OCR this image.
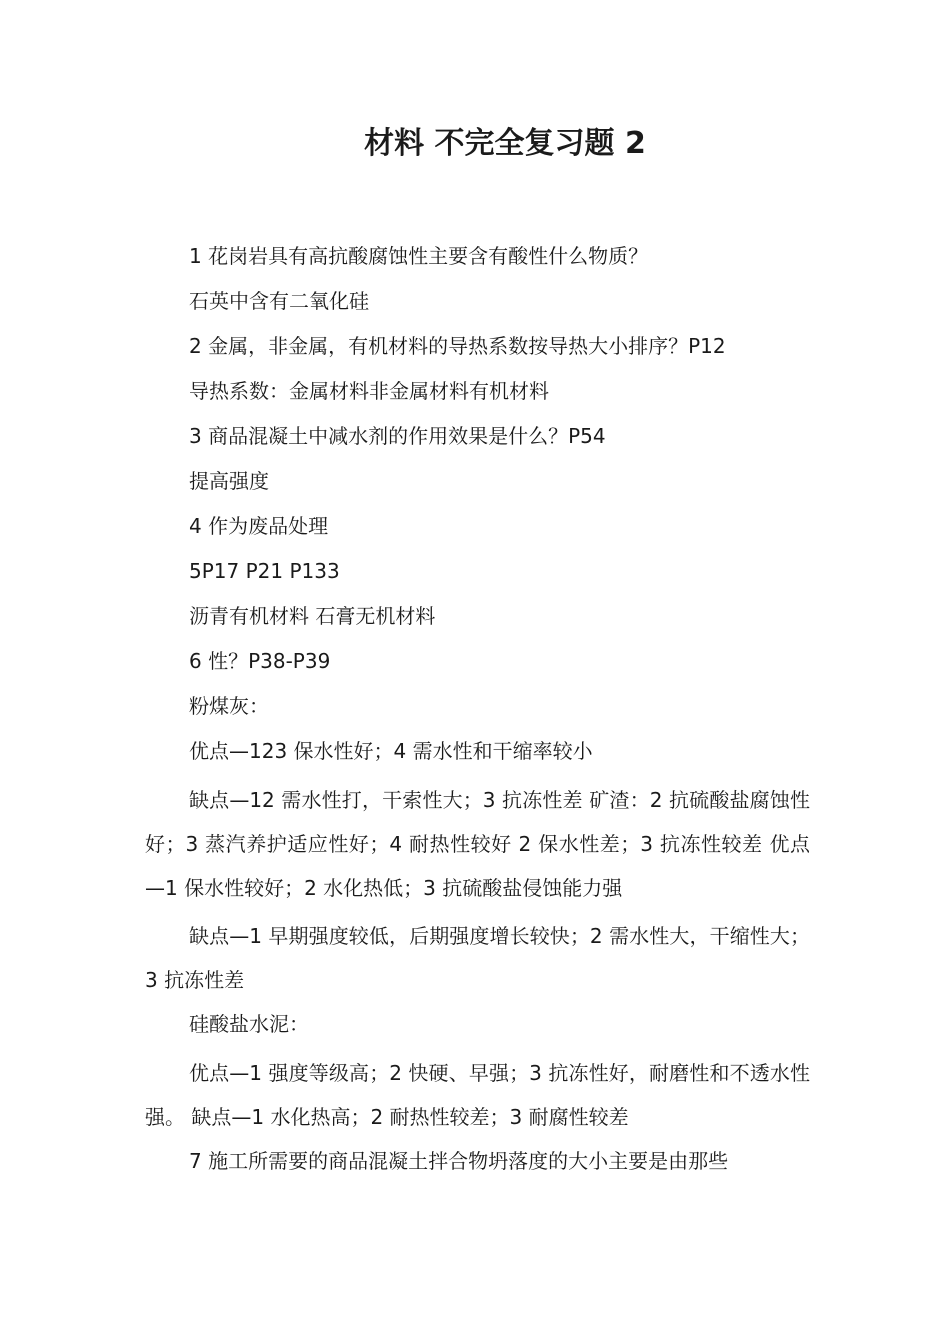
材料 不完全复习题 2

1 花岗岩具有高抗酸腐蚀性主要含有酸性什么物质？

石英中含有二氧化硅

2 金属，非金属，有机材料的导热系数按导热大小排序？P12

导热系数：金属材料非金属材料有机材料

3 商品混凝土中减水剂的作用效果是什么？P54

提高强度

4 作为废品处理

5P17 P21 P133

沥青有机材料 石膏无机材料

6 性？P38-P39

粉煤灰：

优点—123 保水性好；4 需水性和干缩率较小

缺点—12 需水性打，干索性大；3 抗冻性差 矿渣：2 抗硫酸盐腐蚀性好；3 蒸汽养护适应性好；4 耐热性较好 2 保水性差；3 抗冻性较差 优点—1 保水性较好；2 水化热低；3 抗硫酸盐侵蚀能力强

缺点—1 早期强度较低，后期强度增长较快；2 需水性大，干缩性大；3 抗冻性差

硅酸盐水泥：

优点—1 强度等级高；2 快硬、早强；3 抗冻性好，耐磨性和不透水性强。 缺点—1 水化热高；2 耐热性较差；3 耐腐性较差

7 施工所需要的商品混凝土拌合物坍落度的大小主要是由那些
